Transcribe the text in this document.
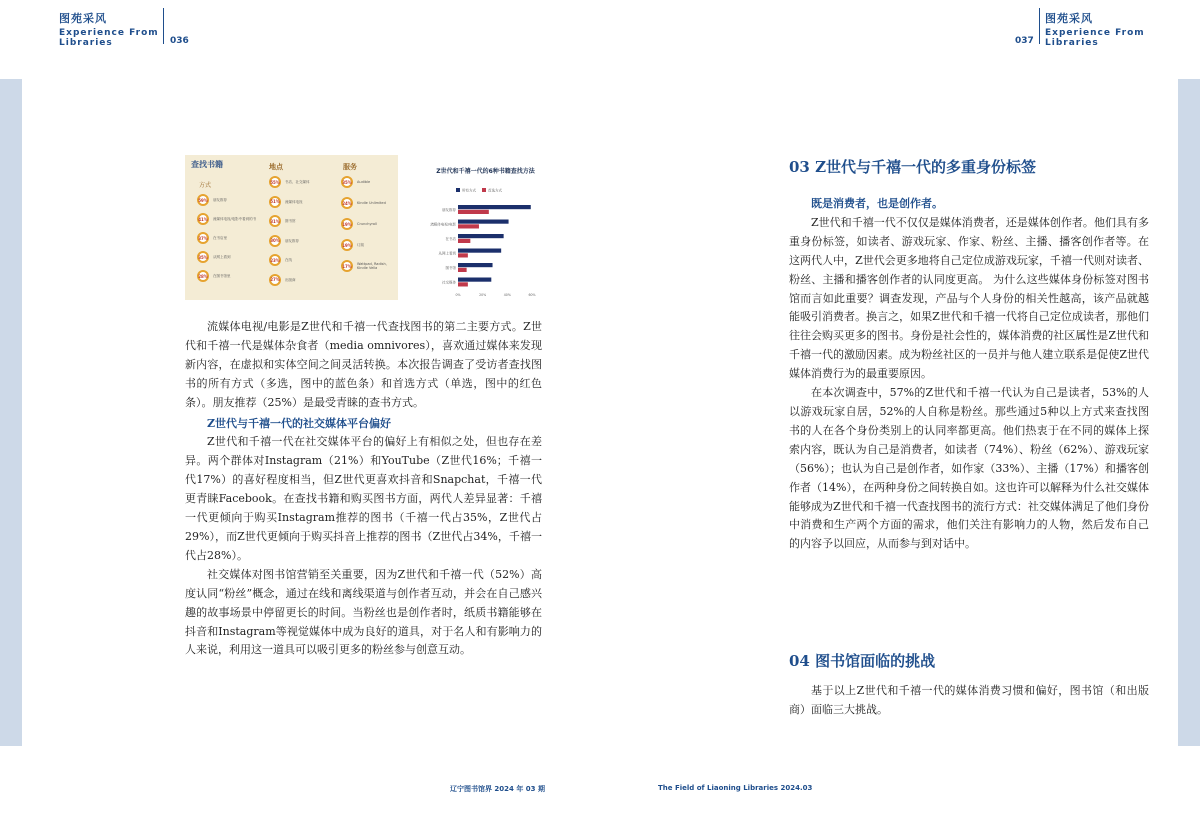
图苑采风
Experience From
Libraries	036	037
图苑采风
Experience From
Libraries
查找书籍
方式
地点	服务
59%	朋友推荐
41%	流媒体电视/电影中看到的书
37%	在书店里
35%	从网上看到
28%	在图书馆里
55%	书店、社交媒体
51%	流媒体电视
31%	图书馆
30%	朋友推荐
23%	在线
27%	出版商
35%	Audible
24%	Kindle Unlimited
19%	Crunchyroll
19%	订阅
17%	Wattpad, Radish, Kindle Vella
Z世代和千禧一代的6种书籍查找方法
所有方式	首选方式
朋友推荐
流媒体电视/电影
在书店
从网上看到
图书馆
社交媒体
0%	20%	40%	60%

流媒体电视/电影是Z世代和千禧一代查找图书的第二主要方式。Z世代和千禧一代是媒体杂食者（media omnivores），喜欢通过媒体来发现新内容，在虚拟和实体空间之间灵活转换。本次报告调查了受访者查找图书的所有方式（多选，图中的蓝色条）和首选方式（单选，图中的红色条）。朋友推荐（25%）是最受青睐的查书方式。

Z世代与千禧一代的社交媒体平台偏好

Z世代和千禧一代在社交媒体平台的偏好上有相似之处，但也存在差异。两个群体对Instagram（21%）和YouTube（Z世代16%；千禧一代17%）的喜好程度相当，但Z世代更喜欢抖音和Snapchat，千禧一代更青睐Facebook。在查找书籍和购买图书方面，两代人差异显著：千禧一代更倾向于购买Instagram推荐的图书（千禧一代占35%，Z世代占29%），而Z世代更倾向于购买抖音上推荐的图书（Z世代占34%，千禧一代占28%）。

社交媒体对图书馆营销至关重要，因为Z世代和千禧一代（52%）高度认同“粉丝”概念，通过在线和离线渠道与创作者互动，并会在自己感兴趣的故事场景中停留更长的时间。当粉丝也是创作者时，纸质书籍能够在抖音和Instagram等视觉媒体中成为良好的道具，对于名人和有影响力的人来说，利用这一道具可以吸引更多的粉丝参与创意互动。

03 Z世代与千禧一代的多重身份标签

既是消费者，也是创作者。

Z世代和千禧一代不仅仅是媒体消费者，还是媒体创作者。他们具有多重身份标签，如读者、游戏玩家、作家、粉丝、主播、播客创作者等。在这两代人中，Z世代会更多地将自己定位成游戏玩家，千禧一代则对读者、粉丝、主播和播客创作者的认同度更高。 为什么这些媒体身份标签对图书馆而言如此重要？调查发现，产品与个人身份的相关性越高，该产品就越能吸引消费者。换言之，如果Z世代和千禧一代将自己定位成读者，那他们往往会购买更多的图书。身份是社会性的，媒体消费的社区属性是Z世代和千禧一代的激励因素。成为粉丝社区的一员并与他人建立联系是促使Z世代媒体消费行为的最重要原因。

在本次调查中，57%的Z世代和千禧一代认为自己是读者，53%的人以游戏玩家自居，52%的人自称是粉丝。那些通过5种以上方式来查找图书的人在各个身份类别上的认同率都更高。他们热衷于在不同的媒体上探索内容，既认为自己是消费者，如读者（74%）、粉丝（62%）、游戏玩家（56%）；也认为自己是创作者，如作家（33%）、主播（17%）和播客创作者（14%），在两种身份之间转换自如。这也许可以解释为什么社交媒体能够成为Z世代和千禧一代查找图书的流行方式：社交媒体满足了他们身份中消费和生产两个方面的需求，他们关注有影响力的人物，然后发布自己的内容予以回应，从而参与到对话中。

04 图书馆面临的挑战

基于以上Z世代和千禧一代的媒体消费习惯和偏好，图书馆（和出版商）面临三大挑战。

辽宁图书馆界 2024 年 03 期	The Field of Liaoning Libraries 2024.03
